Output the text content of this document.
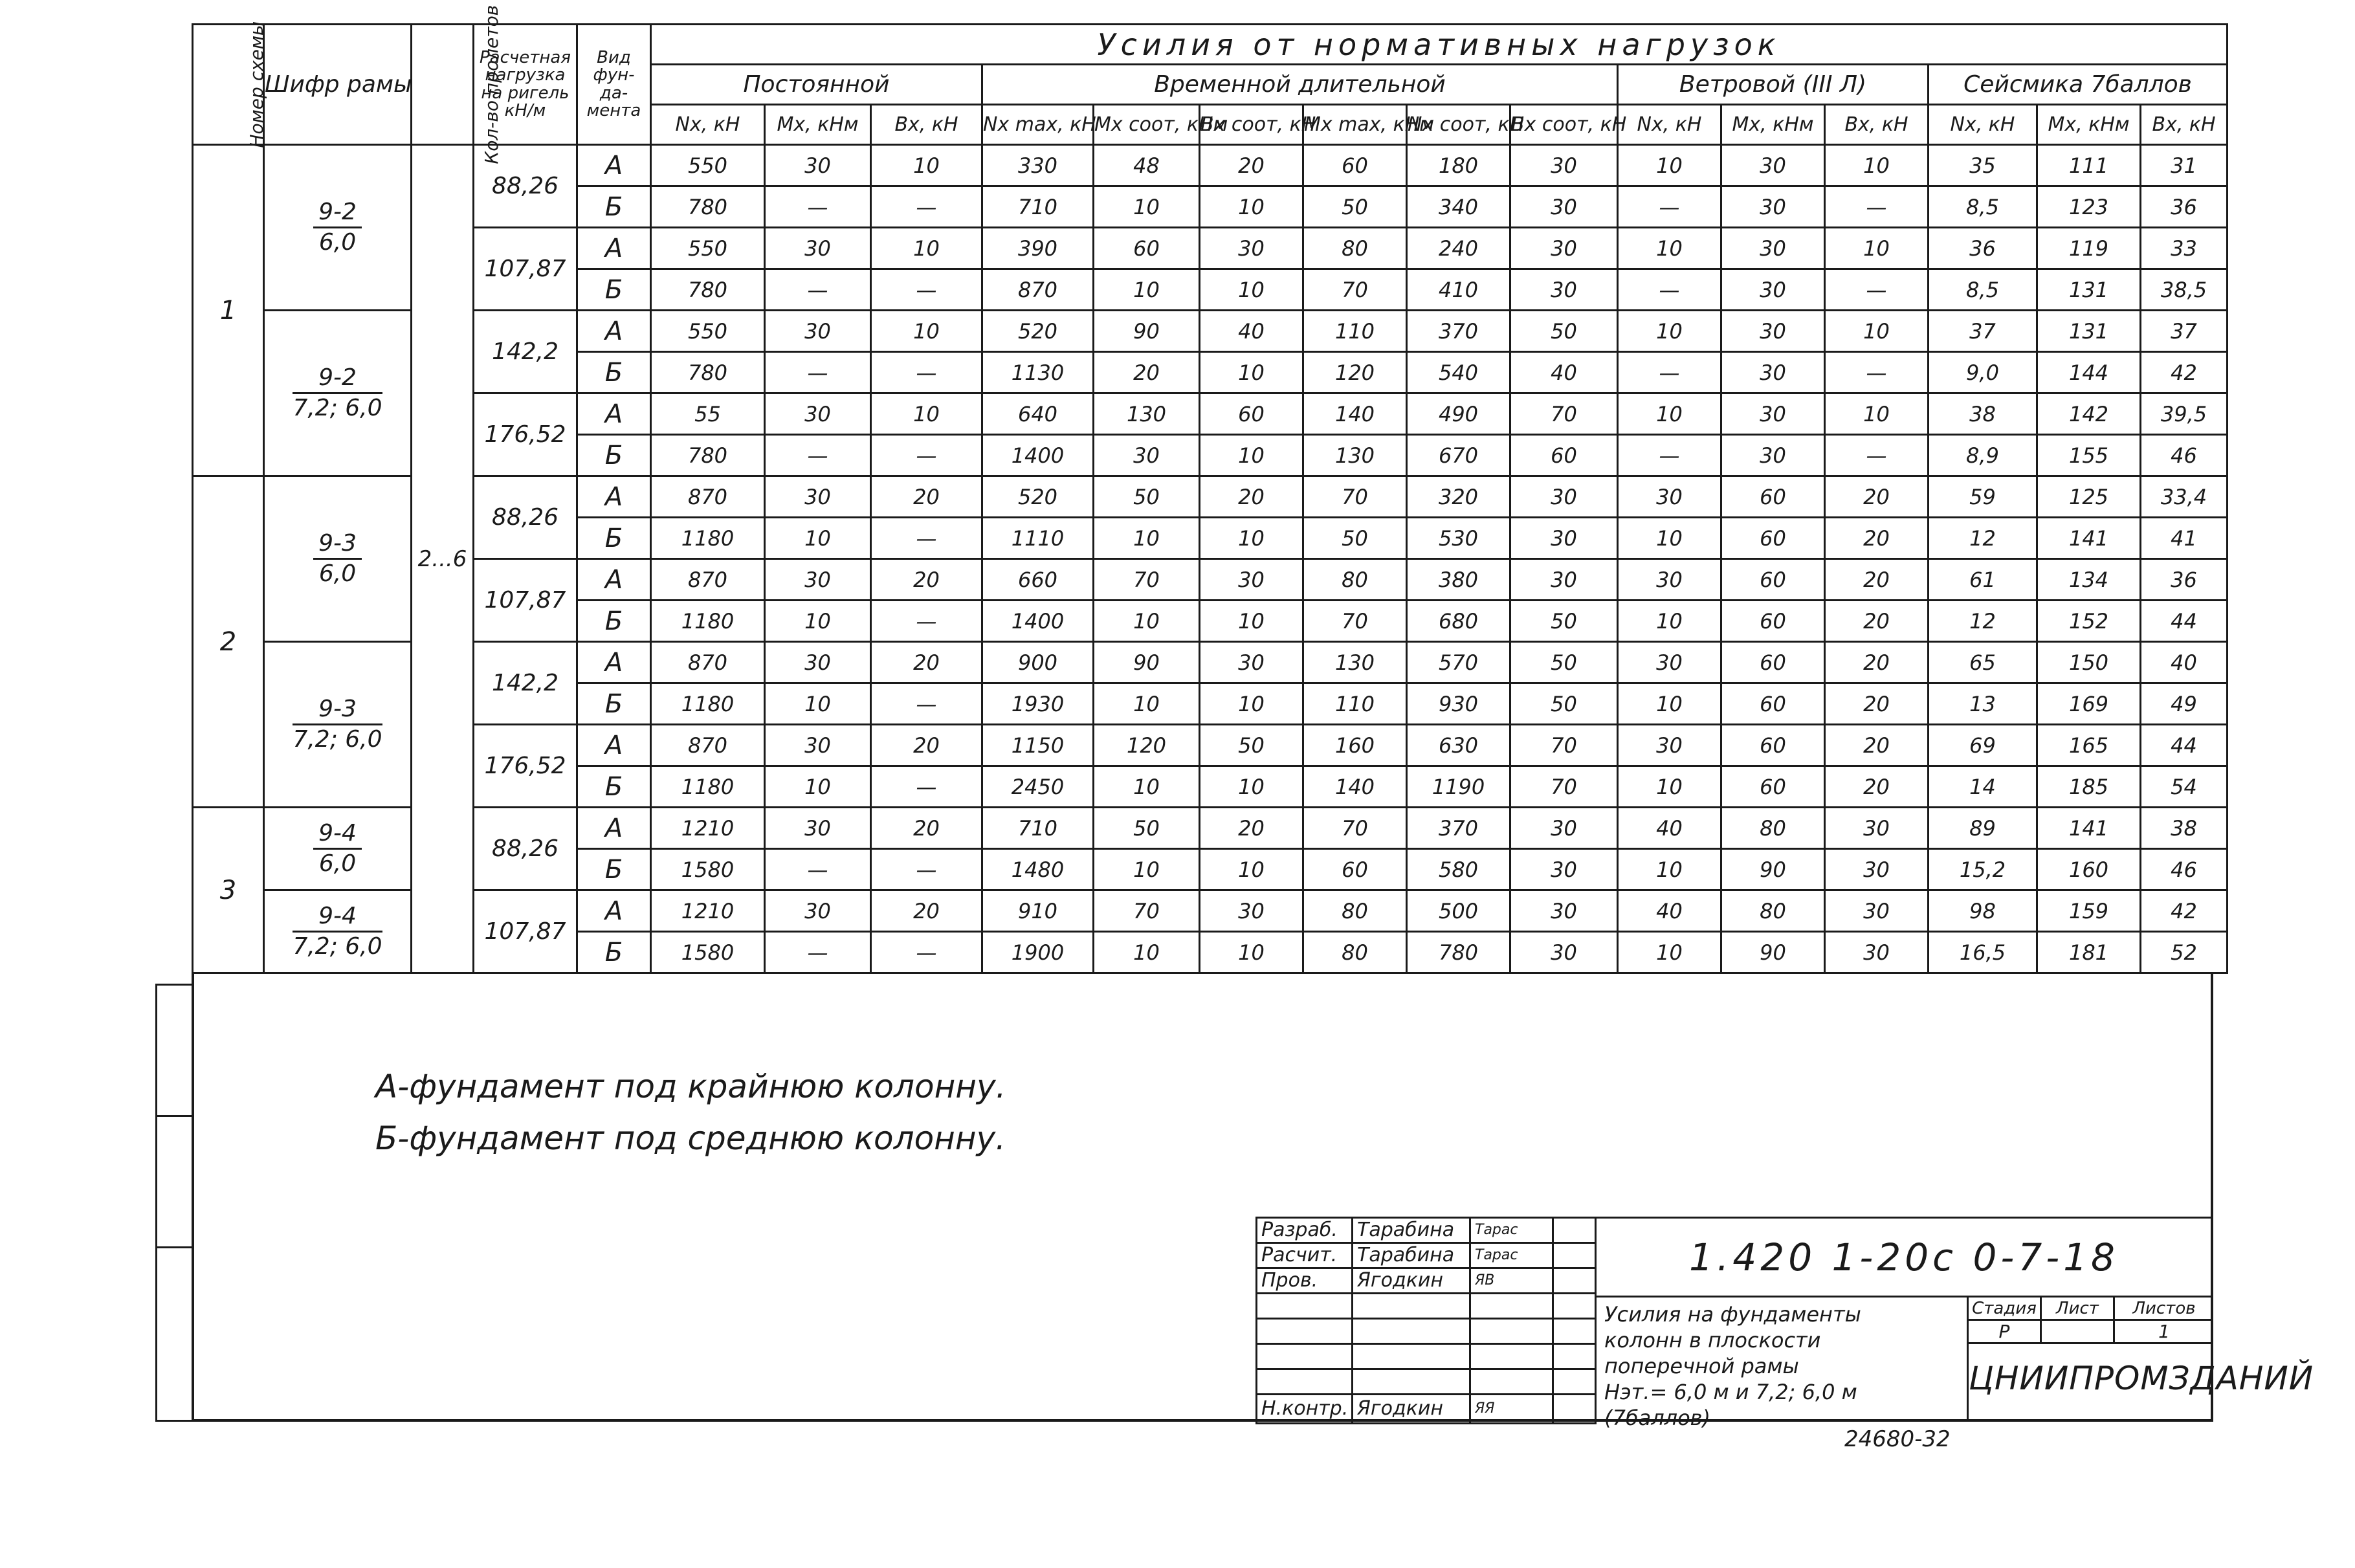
Номер схемы	Шифр рамы	Кол-во пролетов	Расчетная нагрузка на ригель кН/м	Вид фун-да-мента	Усилия от нормативных нагрузок														
					Постоянной			Временной длительной						Ветровой (III Л)			Сейсмика 7баллов		
					Nx, кН	Mx, кНм	Bx, кН	Nx max, кН	Mx соот, кНм	Bx соот, кН	Mx max, кНм	Nx соот, кН	Bx соот, кН	Nx, кН	Mx, кНм	Bx, кН	Nx, кН	Mx, кНм	Bx, кН
1	$\frac{9-2}{6,0}$	2...6	88,26	А	550	30	10	330	48	20	60	180	30	10	30	10	35	111	31
				Б	780	—	—	710	10	10	50	340	30	—	30	—	8,5	123	36
			107,87	А	550	30	10	390	60	30	80	240	30	10	30	10	36	119	33
				Б	780	—	—	870	10	10	70	410	30	—	30	—	8,5	131	38,5

	$\frac{9-2}{7,2; 6,0}$		142,2	А	550	30	10	520	90	40	110	370	50	10	30	10	37	131	37
				Б	780	—	—	1130	20	10	120	540	40	—	30	—	9,0	144	42
			176,52	А	55	30	10	640	130	60	140	490	70	10	30	10	38	142	39,5
				Б	780	—	—	1400	30	10	130	670	60	—	30	—	8,9	155	46
2	$\frac{9-3}{6,0}$		88,26	А	870	30	20	520	50	20	70	320	30	30	60	20	59	125	33,4
				Б	1180	10	—	1110	10	10	50	530	30	10	60	20	12	141	41
			107,87	А	870	30	20	660	70	30	80	380	30	30	60	20	61	134	36
				Б	1180	10	—	1400	10	10	70	680	50	10	60	20	12	152	44

	$\frac{9-3}{7,2; 6,0}$		142,2	А	870	30	20	900	90	30	130	570	50	30	60	20	65	150	40
				Б	1180	10	—	1930	10	10	110	930	50	10	60	20	13	169	49
			176,52	А	870	30	20	1150	120	50	160	630	70	30	60	20	69	165	44
				Б	1180	10	—	2450	10	10	140	1190	70	10	60	20	14	185	54
3	$\frac{9-4}{6,0}$		88,26	А	1210	30	20	710	50	20	70	370	30	40	80	30	89	141	38
				Б	1580	—	—	1480	10	10	60	580	30	10	90	30	15,2	160	46

	$\frac{9-4}{7,2; 6,0}$		107,87	А	1210	30	20	910	70	30	80	500	30	40	80	30	98	159	42
				Б	1580	—	—	1900	10	10	80	780	30	10	90	30	16,5	181	52
А-фундамент под крайнюю колонну.
Б-фундамент под среднюю колонну.
Разраб.	Тарабина	Тарас	
Расчит.	Тарабина	Тарас	
Пров.	Ягодкин	ЯВ	

Н.контр.	Ягодкин	ЯЯ	
1.420 1-20с 0-7-18
Усилия на фундаменты
колонн в плоскости
поперечной рамы
Hэт.= 6,0 м и 7,2; 6,0 м
(7баллов)
Стадия	Лист	Листов
Р	1
ЦНИИПРОМЗДАНИЙ
24680-32
